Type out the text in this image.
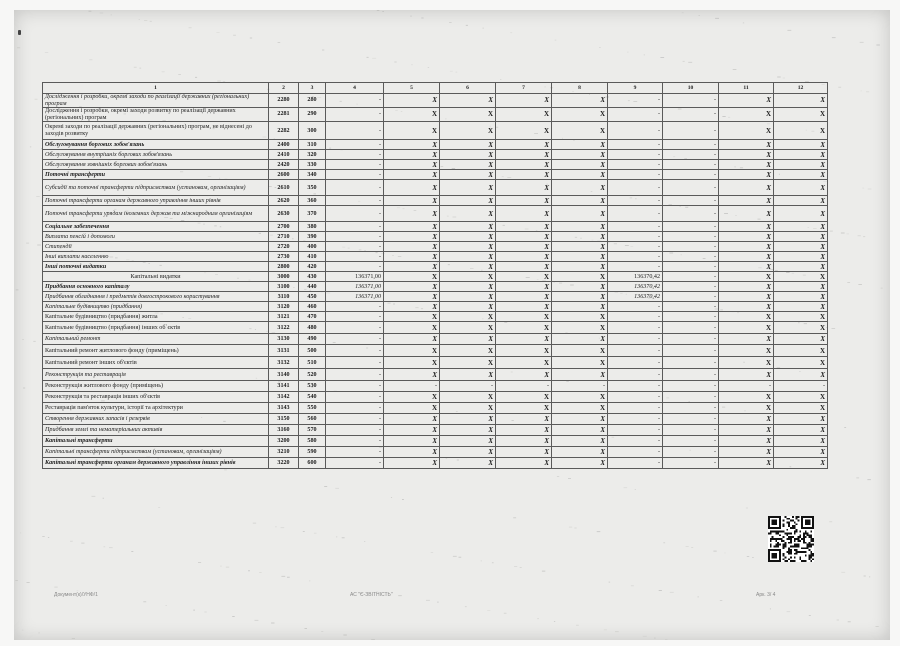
1	2	3	4	5	6	7	8	9	10	11	12
Дослідження і розробки, окремі заходи по реалізації державних (регіональних) програм	2280	280	-	X	X	X	X	-	-	X	X
Дослідження і розробки, окремі заходи розвитку по реалізації державних (регіональних) програм	2281	290	-	X	X	X	X	-	-	X	X
Окремі заходи по реалізації державних (регіональних) програм, не віднесені до заходів розвитку	2282	300	-	X	X	X	X	-	-	X	X
Обслуговування боргових зобов'язань	2400	310	-	X	X	X	X	-	-	X	X
Обслуговування внутрішніх боргових зобов'язань	2410	320	-	X	X	X	X	-	-	X	X
Обслуговування зовнішніх боргових зобов'язань	2420	330	-	X	X	X	X	-	-	X	X
Поточні трансферти	2600	340	-	X	X	X	X	-	-	X	X
Субсидії та поточні трансферти підприємствам (установам, організаціям)	2610	350	-	X	X	X	X	-	-	X	X
Поточні трансферти органам державного управління інших рівнів	2620	360	-	X	X	X	X	-	-	X	X
Поточні трансферти урядам іноземних держав та міжнародним організаціям	2630	370	-	X	X	X	X	-	-	X	X
Соціальне забезпечення	2700	380	-	X	X	X	X	-	-	X	X
Виплата пенсій і допомоги	2710	390	-	X	X	X	X	-	-	X	X
Стипендії	2720	400	-	X	X	X	X	-	-	X	X
Інші виплати населенню	2730	410	-	X	X	X	X	-	-	X	X
Інші поточні видатки	2800	420	-	X	X	X	X	-	-	X	X
Капітальні видатки	3000	430	136371,00	X	X	X	X	136370,42	-	X	X
Придбання основного капіталу	3100	440	136371,00	X	X	X	X	136370,42	-	X	X
Придбання обладнання і предметів довгострокового користування	3110	450	136371,00	X	X	X	X	136370,42	-	X	X
Капітальне будівництво (придбання)	3120	460	-	X	X	X	X	-	-	X	X
Капітальне будівництво (придбання) житла	3121	470	-	X	X	X	X	-	-	X	X
Капітальне будівництво (придбання) інших об`єктів	3122	480	-	X	X	X	X	-	-	X	X
Капітальний ремонт	3130	490	-	X	X	X	X	-	-	X	X
Капітальний ремонт житлового фонду (приміщень)	3131	500	-	X	X	X	X	-	-	X	X
Капітальний ремонт інших об'єктів	3132	510	-	X	X	X	X	-	-	X	X
Реконструкція та реставрація	3140	520	-	X	X	X	X	-	-	X	X
Реконструкція житлового фонду (приміщень)	3141	530	-	-	-	-	-	-	-	-	-
Реконструкція та реставрація інших об'єктів	3142	540	-	X	X	X	X	-	-	X	X
Реставрація пам'яток культури, історії та архітектури	3143	550	-	X	X	X	X	-	-	X	X
Створення державних запасів і резервів	3150	560	-	X	X	X	X	-	-	X	X
Придбання землі та нематеріальних активів	3160	570	-	X	X	X	X	-	-	X	X
Капітальні трансферти	3200	580	-	X	X	X	X	-	-	X	X
Капітальні трансферти підприємствам (установам, організаціям)	3210	590	-	X	X	X	X	-	-	X	X
Капітальні трансферти органам державного управління інших рівнів	3220	600	-	X	X	X	X	-	-	X	X
Документ(к)/УНФ/1	АС "Є-ЗВІТНІСТЬ"	Арк. 3/ 4
